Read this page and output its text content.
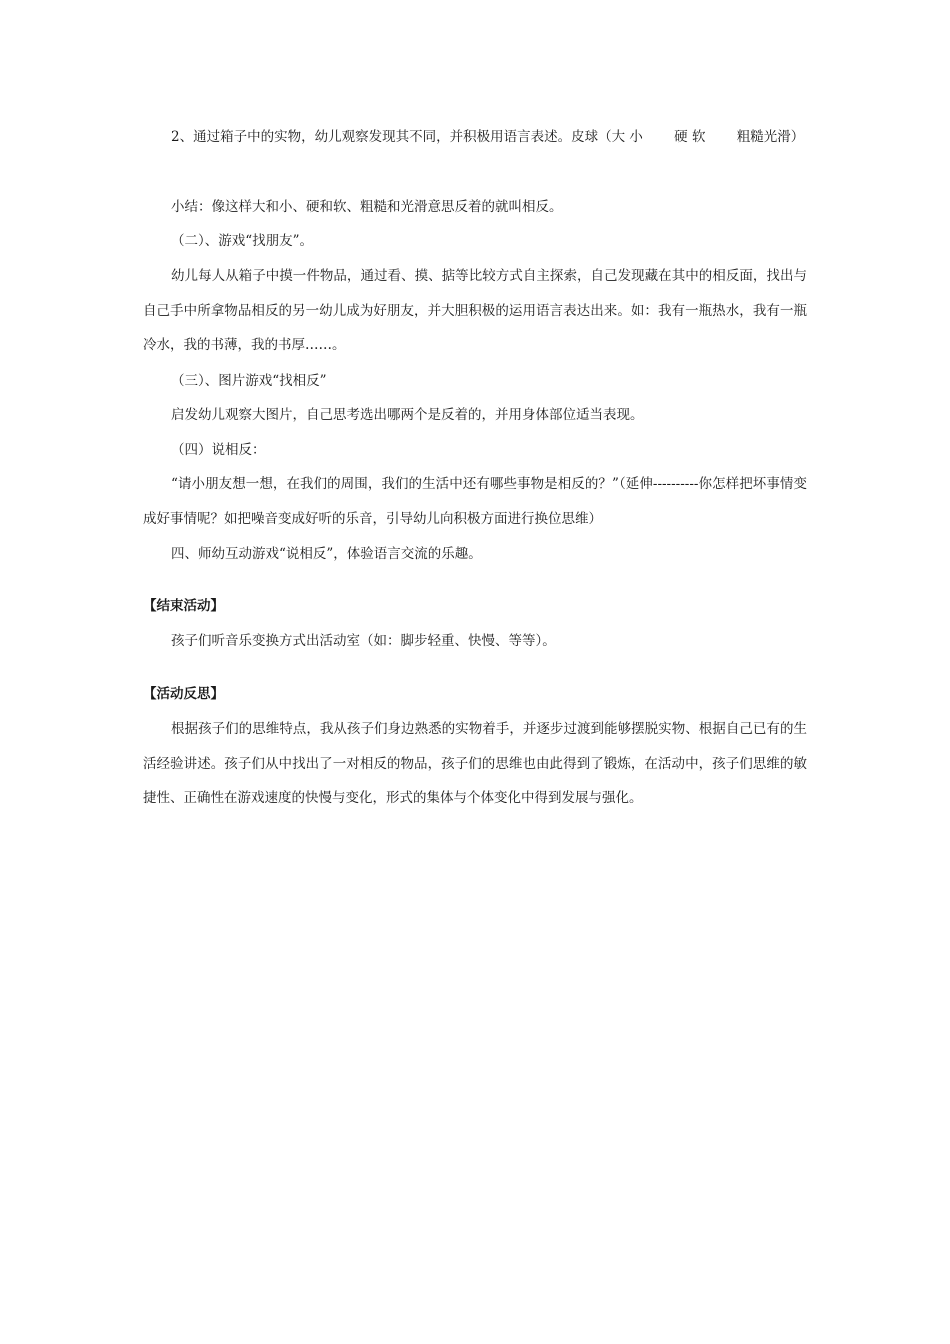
2、通过箱子中的实物，幼儿观察发现其不同，并积极用语言表述。皮球（大 小　　 硬 软　　 粗糙光滑）

小结：像这样大和小、硬和软、粗糙和光滑意思反着的就叫相反。

（二）、游戏“找朋友”。

幼儿每人从箱子中摸一件物品，通过看、摸、掂等比较方式自主探索，自己发现藏在其中的相反面，找出与自己手中所拿物品相反的另一幼儿成为好朋友，并大胆积极的运用语言表达出来。如：我有一瓶热水，我有一瓶冷水，我的书薄，我的书厚……。

（三）、图片游戏“找相反”

启发幼儿观察大图片，自己思考选出哪两个是反着的，并用身体部位适当表现。

（四）说相反：

“请小朋友想一想，在我们的周围，我们的生活中还有哪些事物是相反的？”（延伸----------你怎样把坏事情变成好事情呢？如把噪音变成好听的乐音，引导幼儿向积极方面进行换位思维）

四、师幼互动游戏“说相反”，体验语言交流的乐趣。

【结束活动】

孩子们听音乐变换方式出活动室（如：脚步轻重、快慢、等等）。

【活动反思】

根据孩子们的思维特点，我从孩子们身边熟悉的实物着手，并逐步过渡到能够摆脱实物、根据自己已有的生活经验讲述。孩子们从中找出了一对相反的物品，孩子们的思维也由此得到了锻炼，在活动中，孩子们思维的敏捷性、正确性在游戏速度的快慢与变化，形式的集体与个体变化中得到发展与强化。
